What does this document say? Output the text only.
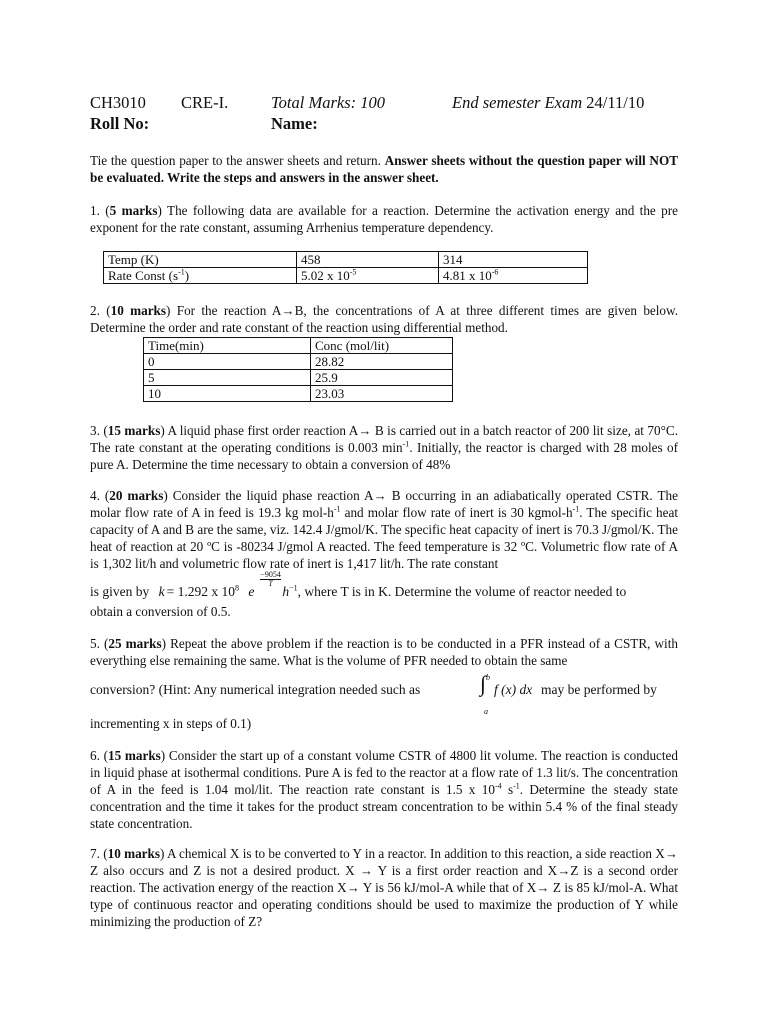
CH3010 CRE-I.	Total Marks: 100	End semester Exam 24/11/10
Roll No:	Name:
Tie the question paper to the answer sheets and return. Answer sheets without the question paper will NOT be evaluated. Write the steps and answers in the answer sheet.
1. (5 marks) The following data are available for a reaction. Determine the activation energy and the pre exponent for the rate constant, assuming Arrhenius temperature dependency.
Temp (K)	458	314
Rate Const $(s^{-1})$	5.02 x $10^{-5}$	4.81 x $10^{-6}$
2. (10 marks) For the reaction A→B, the concentrations of A at three different times are given below. Determine the order and rate constant of the reaction using differential method.
Time(min)	Conc (mol/lit)
0	28.82
5	25.9
10	23.03
3. (15 marks) A liquid phase first order reaction A→ B is carried out in a batch reactor of 200 lit size, at 70°C. The rate constant at the operating conditions is 0.003 $\min^{-1}$. Initially, the reactor is charged with 28 moles of pure A. Determine the time necessary to obtain a conversion of 48%
4. (20 marks) Consider the liquid phase reaction A→ B occurring in an adiabatically operated CSTR. The molar flow rate of A in feed is 19.3 kg mol-$h^{-1}$ and molar flow rate of inert is 30 kgmol-$h^{-1}$. The specific heat capacity of A and B are the same, viz. 142.4 J/gmol/K. The specific heat capacity of inert is 70.3 J/gmol/K. The heat of reaction at 20 ºC is -80234 J/gmol A reacted. The feed temperature is 32 ºC. Volumetric flow rate of A is 1,302 lit/h and volumetric flow rate of inert is 1,417 lit/h. The rate constant
is given by k = 1.292 x $10^8$ e
−9054
T
$h^{-1}$, where T is in K. Determine the volume of reactor needed to
obtain a conversion of 0.5.
5. (25 marks) Repeat the above problem if the reaction is to be conducted in a PFR instead of a CSTR, with everything else remaining the same. What is the volume of PFR needed to obtain the same
conversion? (Hint: Any numerical integration needed such as	∫ b
a
f (x) dx may be performed by
incrementing x in steps of 0.1)
6. (15 marks) Consider the start up of a constant volume CSTR of 4800 lit volume. The reaction is conducted in liquid phase at isothermal conditions. Pure A is fed to the reactor at a flow rate of 1.3 lit/s. The concentration of A in the feed is 1.04 mol/lit. The reaction rate constant is 1.5 x $10^{-4}$ $s^{-1}$. Determine the steady state concentration and the time it takes for the product stream concentration to be within 5.4 % of the final steady state concentration.
7. (10 marks) A chemical X is to be converted to Y in a reactor. In addition to this reaction, a side reaction X→ Z also occurs and Z is not a desired product. X → Y is a first order reaction and X→Z is a second order reaction. The activation energy of the reaction X→ Y is 56 kJ/mol-A while that of X→ Z is 85 kJ/mol-A. What type of continuous reactor and operating conditions should be used to maximize the production of Y while minimizing the production of Z?
